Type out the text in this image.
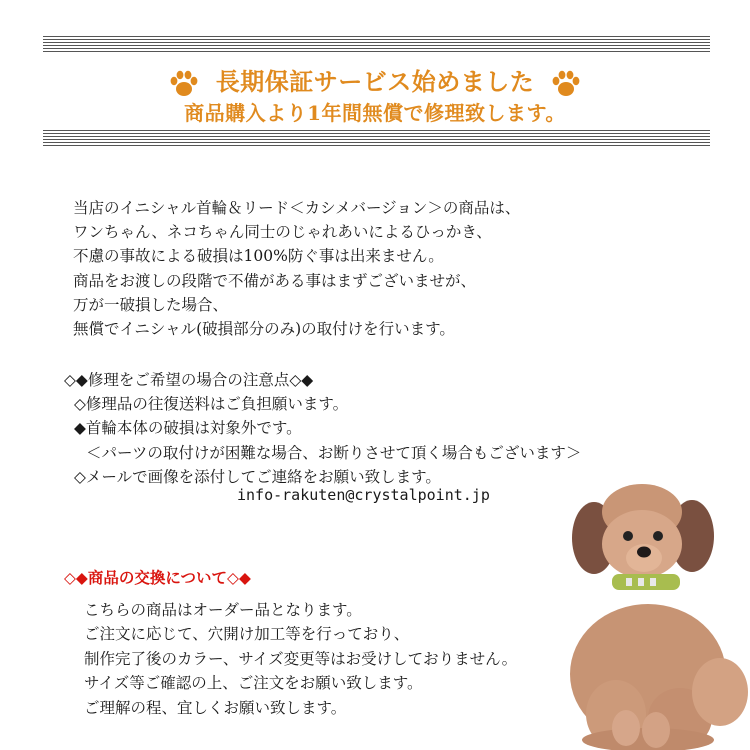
長期保証サービス始めました
商品購入より1年間無償で修理致します。
当店のイニシャル首輪＆リード＜カシメバージョン＞の商品は、
ワンちゃん、ネコちゃん同士のじゃれあいによるひっかき、
不慮の事故による破損は100%防ぐ事は出来ません。
商品をお渡しの段階で不備がある事はまずございませが、
万が一破損した場合、
無償でイニシャル(破損部分のみ)の取付けを行います。
◇◆修理をご希望の場合の注意点◇◆
◇修理品の往復送料はご負担願います。
◆首輪本体の破損は対象外です。
＜パーツの取付けが困難な場合、お断りさせて頂く場合もございます＞
◇メールで画像を添付してご連絡をお願い致します。
info-rakuten@crystalpoint.jp
◇◆商品の交換について◇◆
こちらの商品はオーダー品となります。
ご注文に応じて、穴開け加工等を行っており、
制作完了後のカラー、サイズ変更等はお受けしておりません。
サイズ等ご確認の上、ご注文をお願い致します。
ご理解の程、宜しくお願い致します。
